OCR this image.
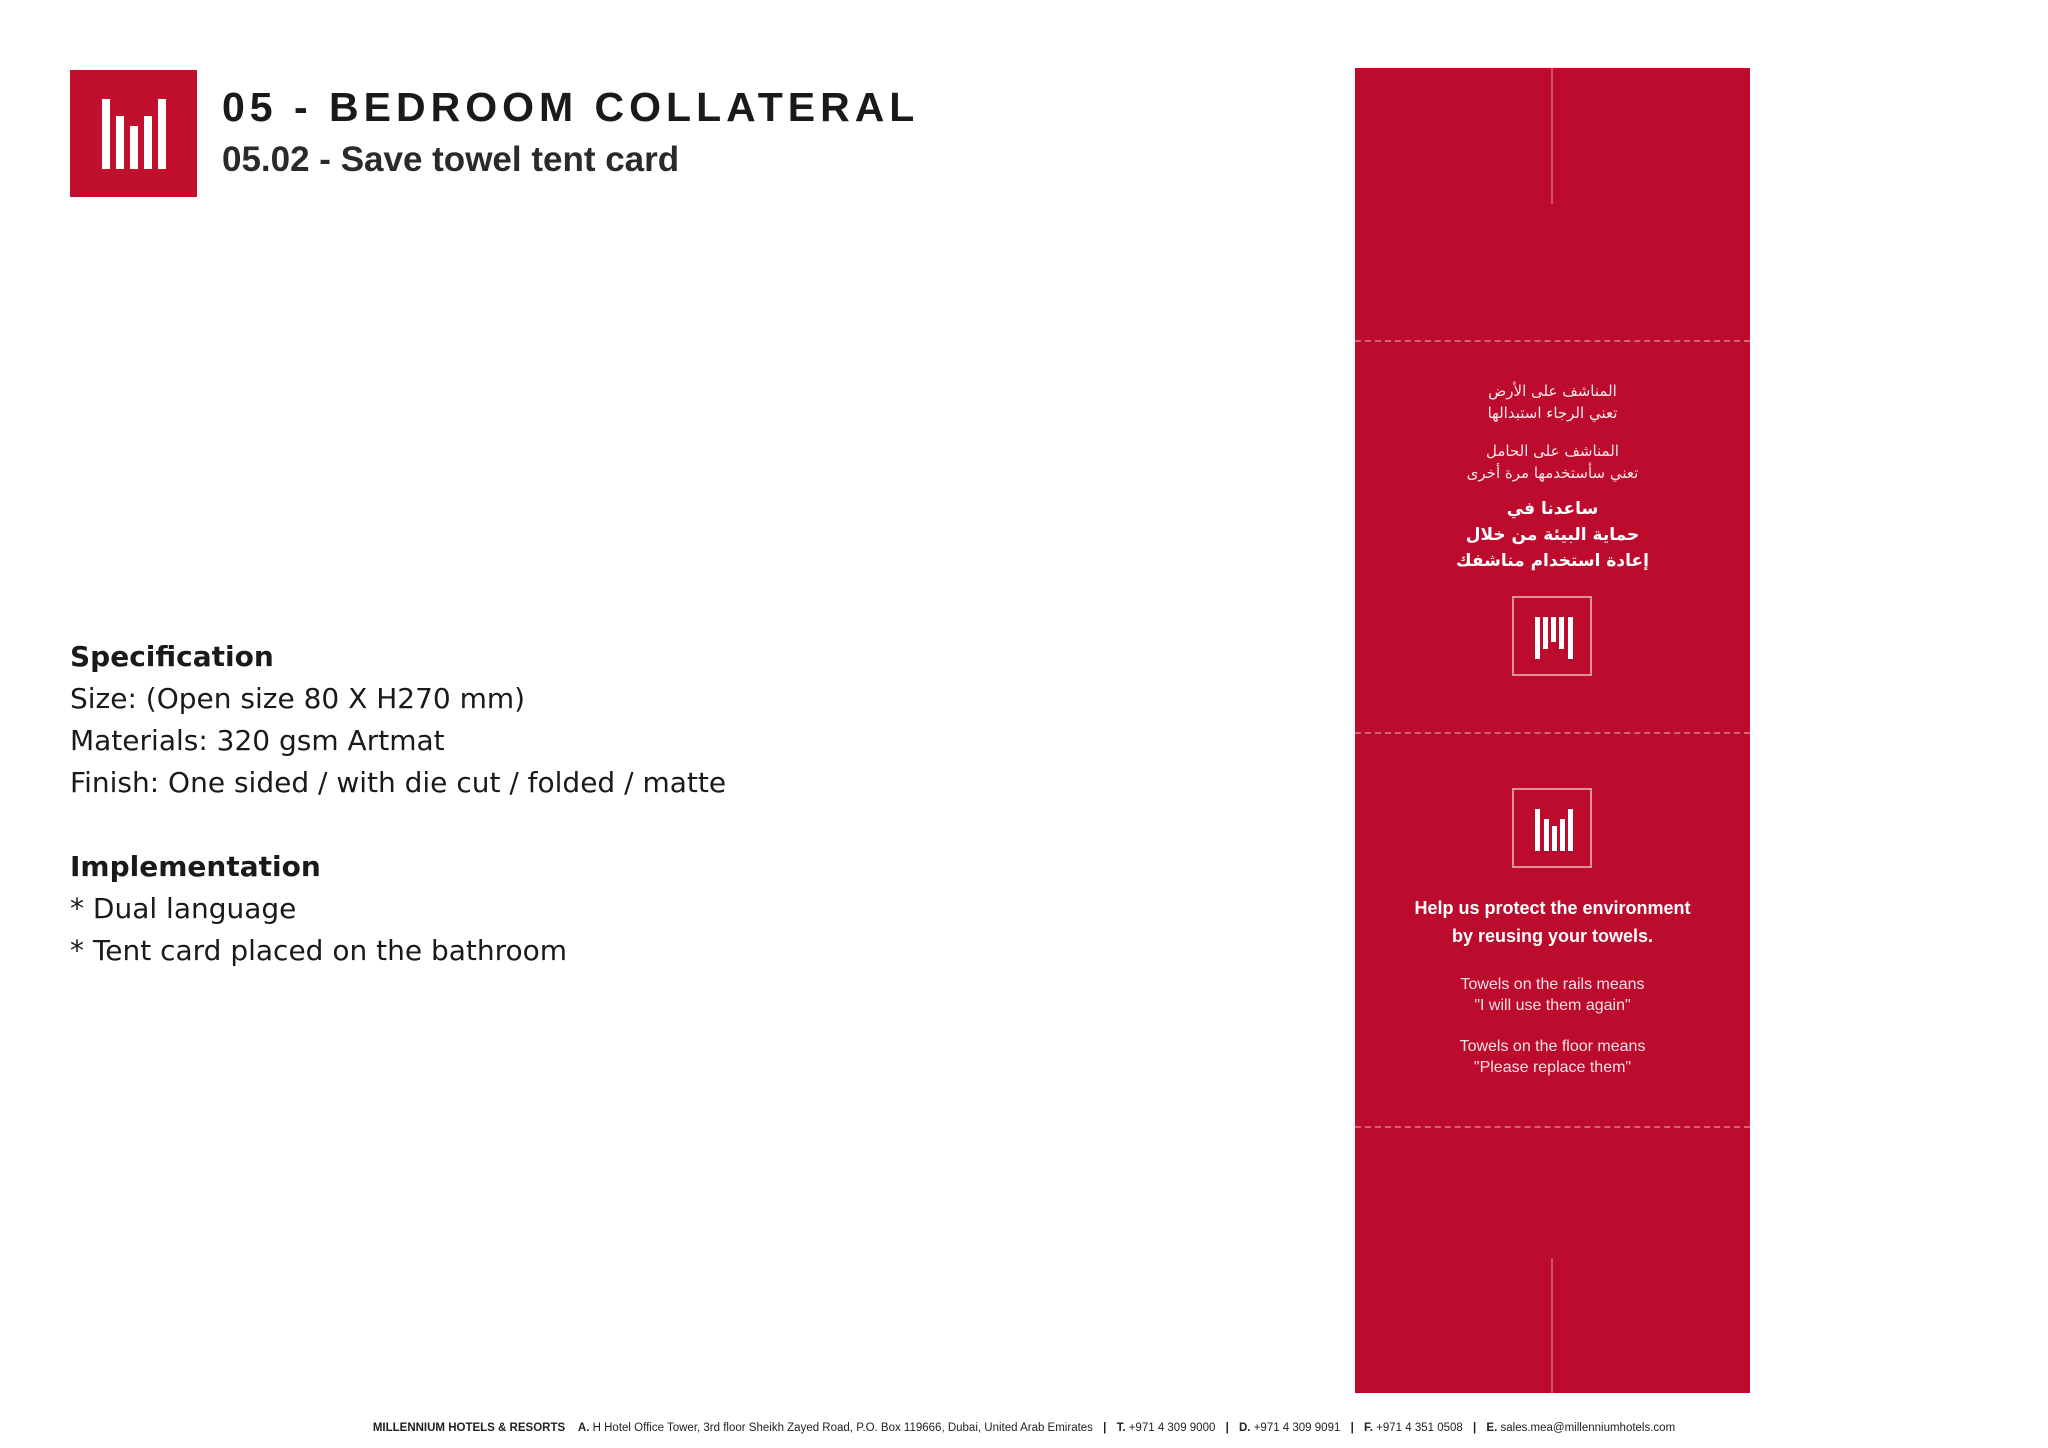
05 - BEDROOM COLLATERAL
05.02 - Save towel tent card
Specification
Size: (Open size 80 X H270 mm)
Materials: 320 gsm Artmat
Finish: One sided / with die cut / folded / matte
Implementation
* Dual language
* Tent card placed on the bathroom
المناشف على الأرض
تعني الرجاء استبدالها
المناشف على الحامل
تعني سأستخدمها مرة أخرى
ساعدنا في
حماية البيئة من خلال
إعادة استخدام مناشفك
Help us protect the environment
by reusing your towels.
Towels on the rails means
"I will use them again"
Towels on the floor means
"Please replace them"
MILLENNIUM HOTELS & RESORTS A. H Hotel Office Tower, 3rd floor Sheikh Zayed Road, P.O. Box 119666, Dubai, United Arab Emirates | T. +971 4 309 9000 | D. +971 4 309 9091 | F. +971 4 351 0508 | E. sales.mea@millenniumhotels.com
